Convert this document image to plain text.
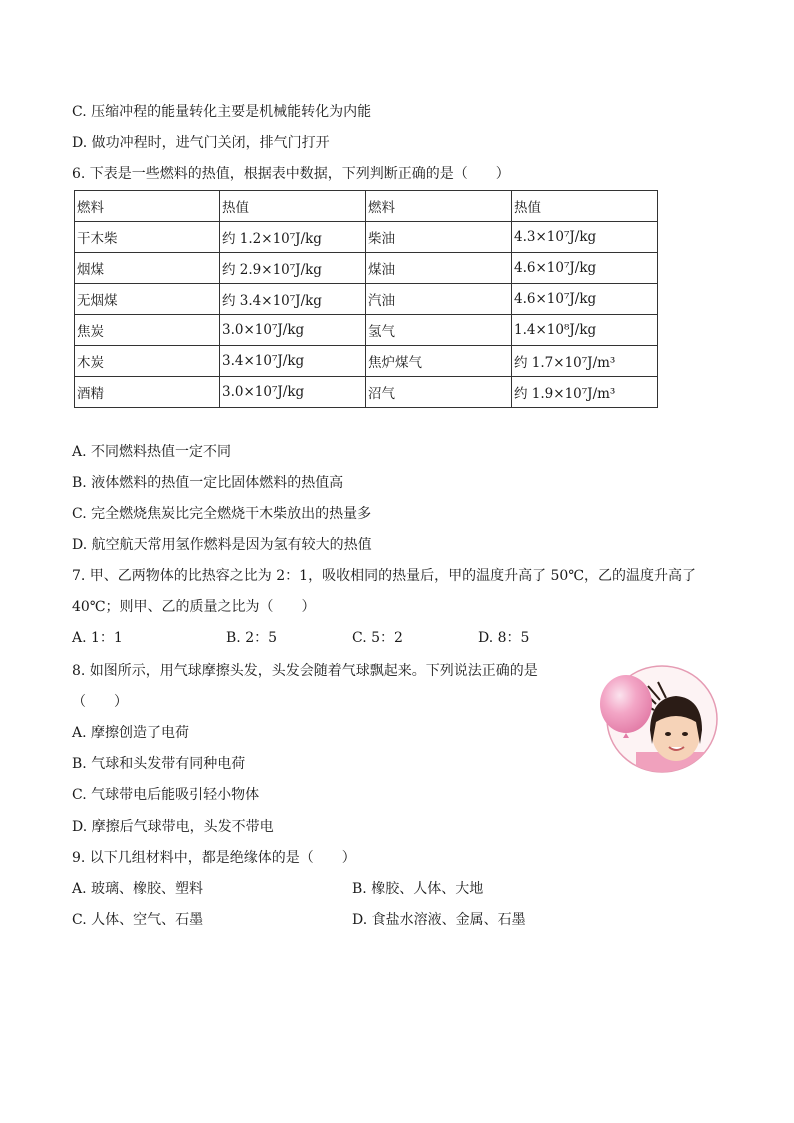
C. 压缩冲程的能量转化主要是机械能转化为内能
D. 做功冲程时，进气门关闭，排气门打开
6. 下表是一些燃料的热值，根据表中数据，下列判断正确的是（　　）
燃料	热值	燃料	热值
干木柴	约 1.2×10⁷J/kg	柴油	4.3×10⁷J/kg
烟煤	约 2.9×10⁷J/kg	煤油	4.6×10⁷J/kg
无烟煤	约 3.4×10⁷J/kg	汽油	4.6×10⁷J/kg
焦炭	3.0×10⁷J/kg	氢气	1.4×10⁸J/kg
木炭	3.4×10⁷J/kg	焦炉煤气	约 1.7×10⁷J/m³
酒精	3.0×10⁷J/kg	沼气	约 1.9×10⁷J/m³
A. 不同燃料热值一定不同
B. 液体燃料的热值一定比固体燃料的热值高
C. 完全燃烧焦炭比完全燃烧干木柴放出的热量多
D. 航空航天常用氢作燃料是因为氢有较大的热值
7. 甲、乙两物体的比热容之比为 2：1，吸收相同的热量后，甲的温度升高了 50℃，乙的温度升高了
40℃；则甲、乙的质量之比为（　　）
A. 1：1	B. 2：5	C. 5：2	D. 8：5
8. 如图所示，用气球摩擦头发，头发会随着气球飘起来。下列说法正确的是
（　　）
A. 摩擦创造了电荷
B. 气球和头发带有同种电荷
C. 气球带电后能吸引轻小物体
D. 摩擦后气球带电，头发不带电
9. 以下几组材料中，都是绝缘体的是（　　）
A. 玻璃、橡胶、塑料	B. 橡胶、人体、大地
C. 人体、空气、石墨	D. 食盐水溶液、金属、石墨
